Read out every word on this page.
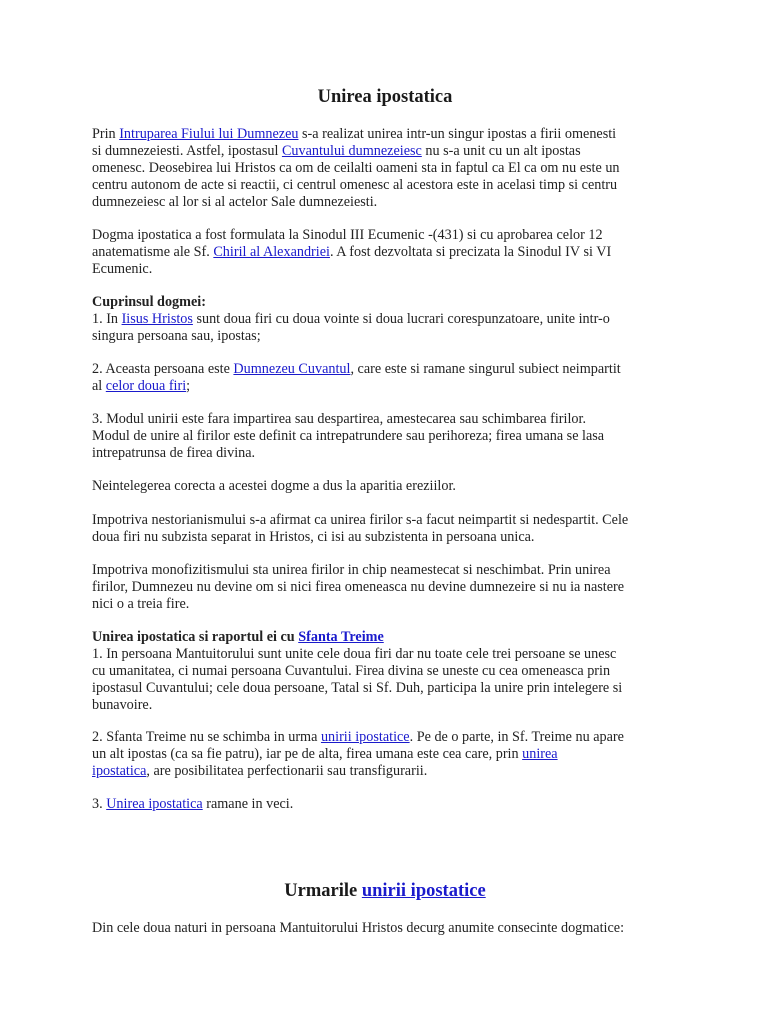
Unirea ipostatica
Prin Intruparea Fiului lui Dumnezeu s-a realizat unirea intr-un singur ipostas a firii omenesti
si dumnezeiesti. Astfel, ipostasul Cuvantului dumnezeiesc nu s-a unit cu un alt ipostas
omenesc. Deosebirea lui Hristos ca om de ceilalti oameni sta in faptul ca El ca om nu este un
centru autonom de acte si reactii, ci centrul omenesc al acestora este in acelasi timp si centru
dumnezeiesc al lor si al actelor Sale dumnezeiesti.
Dogma ipostatica a fost formulata la Sinodul III Ecumenic -(431) si cu aprobarea celor 12
anatematisme ale Sf. Chiril al Alexandriei. A fost dezvoltata si precizata la Sinodul IV si VI
Ecumenic.
Cuprinsul dogmei:
1. In Iisus Hristos sunt doua firi cu doua vointe si doua lucrari corespunzatoare, unite intr-o
singura persoana sau, ipostas;
2. Aceasta persoana este Dumnezeu Cuvantul, care este si ramane singurul subiect neimpartit
al celor doua firi;
3. Modul unirii este fara impartirea sau despartirea, amestecarea sau schimbarea firilor.
Modul de unire al firilor este definit ca intrepatrundere sau perihoreza; firea umana se lasa
intrepatrunsa de firea divina.
Neintelegerea corecta a acestei dogme a dus la aparitia ereziilor.
Impotriva nestorianismului s-a afirmat ca unirea firilor s-a facut neimpartit si nedespartit. Cele
doua firi nu subzista separat in Hristos, ci isi au subzistenta in persoana unica.
Impotriva monofizitismului sta unirea firilor in chip neamestecat si neschimbat. Prin unirea
firilor, Dumnezeu nu devine om si nici firea omeneasca nu devine dumnezeire si nu ia nastere
nici o a treia fire.
Unirea ipostatica si raportul ei cu Sfanta Treime
1. In persoana Mantuitorului sunt unite cele doua firi dar nu toate cele trei persoane se unesc
cu umanitatea, ci numai persoana Cuvantului. Firea divina se uneste cu cea omeneasca prin
ipostasul Cuvantului; cele doua persoane, Tatal si Sf. Duh, participa la unire prin intelegere si
bunavoire.
2. Sfanta Treime nu se schimba in urma unirii ipostatice. Pe de o parte, in Sf. Treime nu apare
un alt ipostas (ca sa fie patru), iar pe de alta, firea umana este cea care, prin unirea
ipostatica, are posibilitatea perfectionarii sau transfigurarii.
3. Unirea ipostatica ramane in veci.
Urmarile unirii ipostatice
Din cele doua naturi in persoana Mantuitorului Hristos decurg anumite consecinte dogmatice:
